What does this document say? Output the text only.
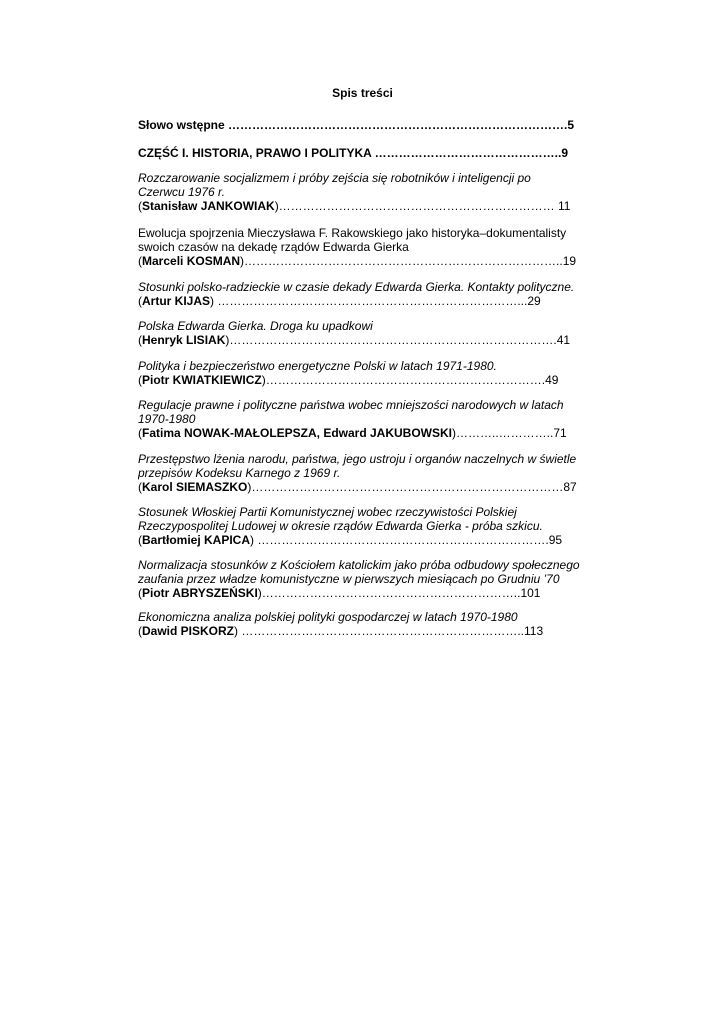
Spis treści
Słowo wstępne ………………………………………………………………………….5
CZĘŚĆ I. HISTORIA, PRAWO I POLITYKA ………………………………………..9
Rozczarowanie socjalizmem i próby zejścia się robotników i inteligencji po
Czerwcu 1976 r.
(Stanisław JANKOWIAK)…………………………………………………………… 11
Ewolucja spojrzenia Mieczysława F. Rakowskiego jako historyka–dokumentalisty
swoich czasów na dekadę rządów Edwarda Gierka
(Marceli KOSMAN)……………………………………………………………………..19
Stosunki polsko-radzieckie w czasie dekady Edwarda Gierka. Kontakty polityczne.
(Artur KIJAS) …………………………………………………………………...29
Polska Edwarda Gierka. Droga ku upadkowi
(Henryk LISIAK)……………………………………………………………………….41
Polityka i bezpieczeństwo energetyczne Polski w latach 1971-1980.
(Piotr KWIATKIEWICZ)…………………………………………………………….49
Regulacje prawne i polityczne państwa wobec mniejszości narodowych w latach
1970-1980
(Fatima NOWAK-MAŁOLEPSZA, Edward JAKUBOWSKI)………..…………..71
Przestępstwo lżenia narodu, państwa, jego ustroju i organów naczelnych w świetle
przepisów Kodeksu Karnego z 1969 r.
(Karol SIEMASZKO)……………………………………………………………………87
Stosunek Włoskiej Partii Komunistycznej wobec rzeczywistości Polskiej
Rzeczypospolitej Ludowej w okresie rządów Edwarda Gierka - próba szkicu.
(Bartłomiej KAPICA) ……………………………………………………………….95
Normalizacja stosunków z Kościołem katolickim jako próba odbudowy społecznego
zaufania przez władze komunistyczne w pierwszych miesiącach po Grudniu ’70
(Piotr ABRYSZEŃSKI)………………………………………………………..101
Ekonomiczna analiza polskiej polityki gospodarczej w latach 1970-1980
(Dawid PISKORZ) ……………………………………………………………..113
